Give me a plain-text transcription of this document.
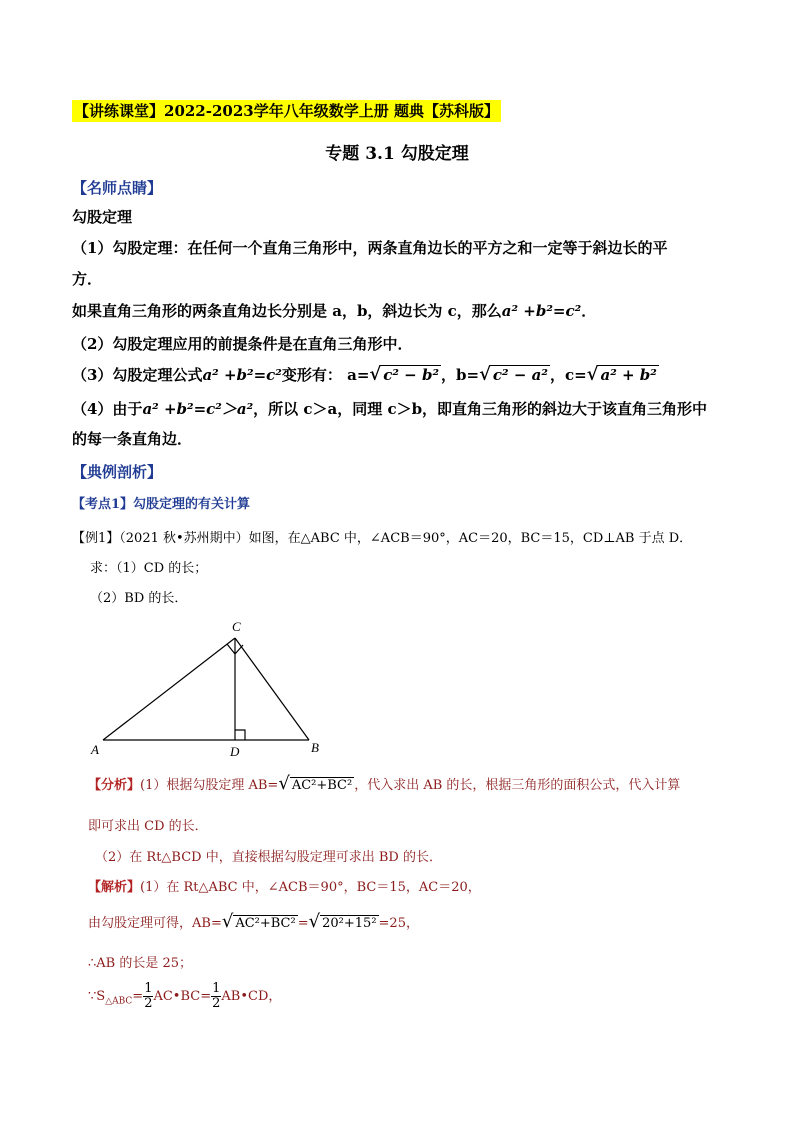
【讲练课堂】2022-2023学年八年级数学上册 题典【苏科版】
专题 3.1 勾股定理
【名师点睛】
勾股定理
（1）勾股定理：在任何一个直角三角形中，两条直角边长的平方之和一定等于斜边长的平
方．
如果直角三角形的两条直角边长分别是 a，b，斜边长为 c，那么a² +b²=c²．
（2）勾股定理应用的前提条件是在直角三角形中．
（3）勾股定理公式a² +b²=c²变形有： a=√ c² − b² ，b=√ c² − a² ，c=√ a² + b²
（4）由于a² +b²=c²＞a²，所以 c＞a，同理 c＞b，即直角三角形的斜边大于该直角三角形中
的每一条直角边．
【典例剖析】
【考点1】勾股定理的有关计算
【例1】（2021 秋•苏州期中）如图，在△ABC 中，∠ACB＝90°，AC＝20，BC＝15，CD⊥AB 于点 D．
求：（1）CD 的长；
（2）BD 的长．
C
A	D	B
【分析】(1）根据勾股定理 AB=√ AC²+BC² ，代入求出 AB 的长，根据三角形的面积公式，代入计算
即可求出 CD 的长．
（2）在 Rt△BCD 中，直接根据勾股定理可求出 BD 的长．
【解析】(1）在 Rt△ABC 中，∠ACB＝90°，BC＝15，AC＝20，
由勾股定理可得，AB=√ AC²+BC² =√ 20²+15² =25，
∴AB 的长是 25；
$\because S_{\triangle ABC}= \frac{1}{2}$ AC•BC= $\frac{1}{2}$ AB•CD，
